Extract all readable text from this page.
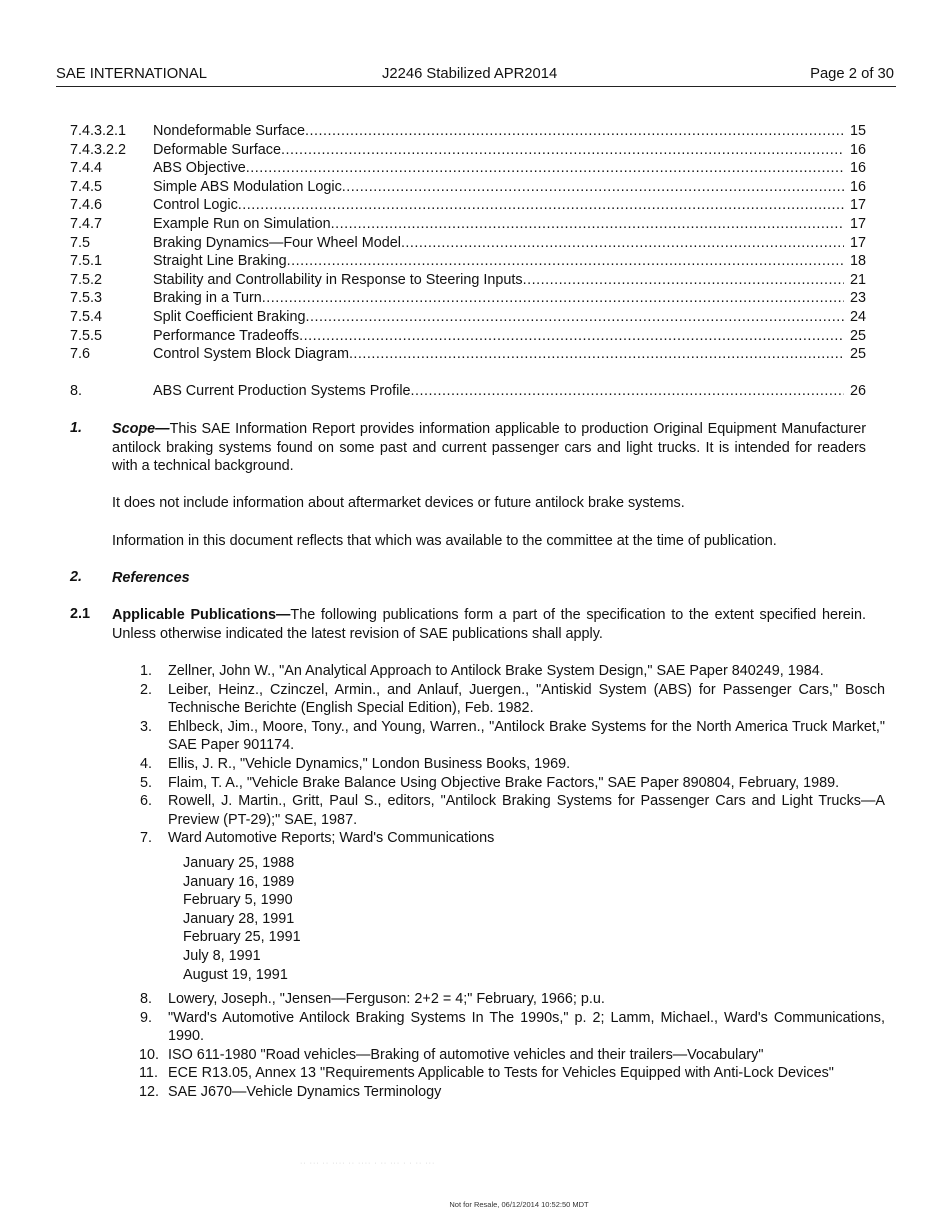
SAE INTERNATIONAL	J2246 Stabilized APR2014	Page 2 of 30
7.4.3.2.1 Nondeformable Surface .....	15
7.4.3.2.2 Deformable Surface .....	16
7.4.4	ABS Objective .....	16
7.4.5	Simple ABS Modulation Logic .....	16
7.4.6	Control Logic .....	17
7.4.7	Example Run on Simulation .....	17
7.5	Braking Dynamics—Four Wheel Model .....	17
7.5.1	Straight Line Braking .....	18
7.5.2	Stability and Controllability in Response to Steering Inputs .....	21
7.5.3	Braking in a Turn .....	23
7.5.4	Split Coefficient Braking .....	24
7.5.5	Performance Tradeoffs .....	25
7.6	Control System Block Diagram .....	25
8.	ABS Current Production Systems Profile .....	26
1. Scope—This SAE Information Report provides information applicable to production Original Equipment Manufacturer antilock braking systems found on some past and current passenger cars and light trucks. It is intended for readers with a technical background.

It does not include information about aftermarket devices or future antilock brake systems.

Information in this document reflects that which was available to the committee at the time of publication.

2. References
2.1 Applicable Publications—The following publications form a part of the specification to the extent specified herein. Unless otherwise indicated the latest revision of SAE publications shall apply.

1. Zellner, John W., "An Analytical Approach to Antilock Brake System Design," SAE Paper 840249, 1984.
2. Leiber, Heinz., Czinczel, Armin., and Anlauf, Juergen., "Antiskid System (ABS) for Passenger Cars," Bosch Technische Berichte (English Special Edition), Feb. 1982.
3. Ehlbeck, Jim., Moore, Tony., and Young, Warren., "Antilock Brake Systems for the North America Truck Market," SAE Paper 901174.
4. Ellis, J. R., "Vehicle Dynamics," London Business Books, 1969.
5. Flaim, T. A., "Vehicle Brake Balance Using Objective Brake Factors," SAE Paper 890804, February, 1989.
6. Rowell, J. Martin., Gritt, Paul S., editors, "Antilock Braking Systems for Passenger Cars and Light Trucks—A Preview (PT-29);" SAE, 1987.
7. Ward Automotive Reports; Ward's Communications
January 25, 1988
January 16, 1989
February 5, 1990
January 28, 1991
February 25, 1991
July 8, 1991
August 19, 1991
8. Lowery, Joseph., "Jensen—Ferguson: 2+2 = 4;" February, 1966; p.u.
9. "Ward's Automotive Antilock Braking Systems In The 1990s," p. 2; Lamm, Michael., Ward's Communications, 1990.
10. ISO 611-1980 "Road vehicles—Braking of automotive vehicles and their trailers—Vocabulary"
11. ECE R13.05, Annex 13 "Requirements Applicable to Tests for Vehicles Equipped with Anti-Lock Devices"
12. SAE J670—Vehicle Dynamics Terminology
·· ··· ·· ···· ·· ···· · ·· ··· · · ·· ···
Not for Resale, 06/12/2014 10:52:50 MDT
